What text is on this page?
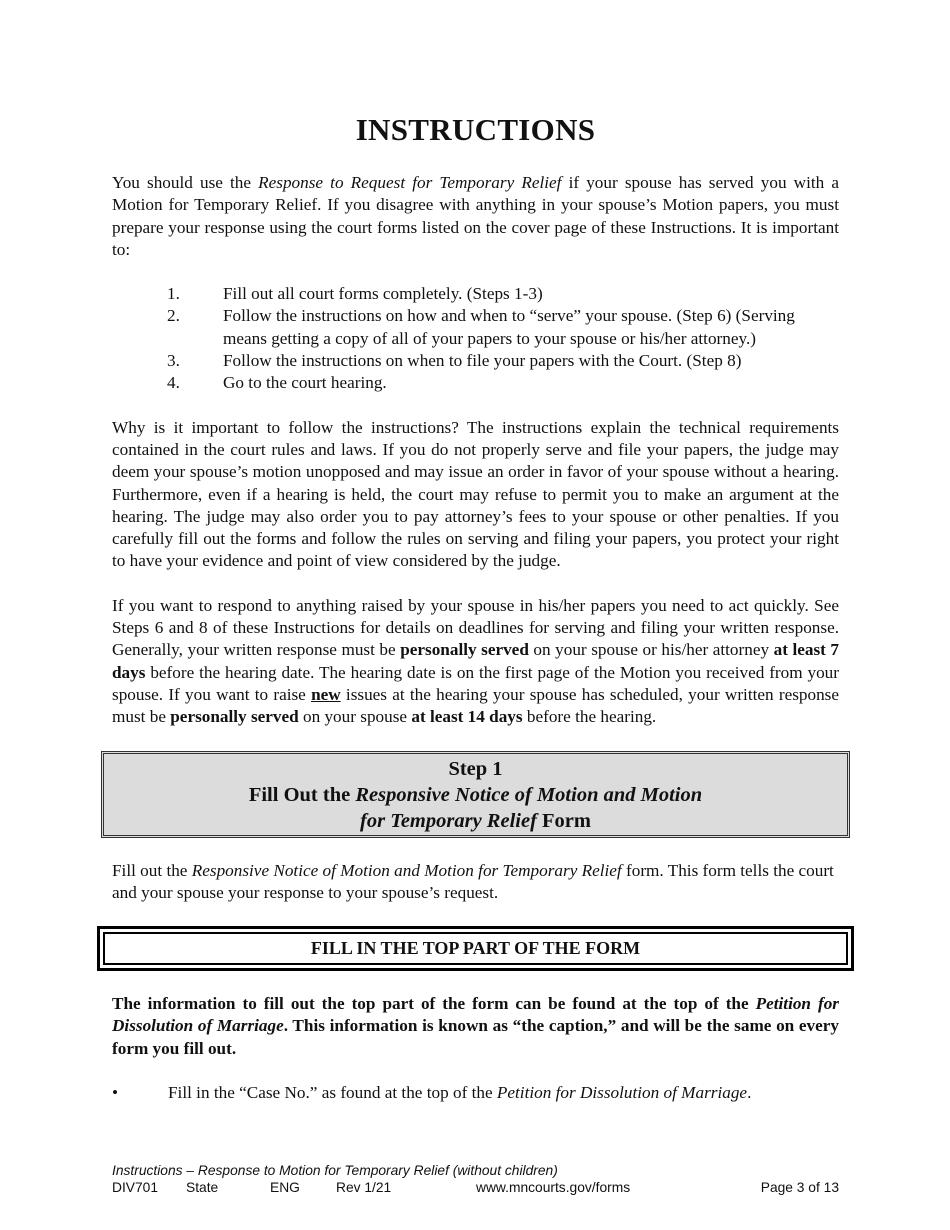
INSTRUCTIONS

You should use the Response to Request for Temporary Relief if your spouse has served you with a Motion for Temporary Relief. If you disagree with anything in your spouse’s Motion papers, you must prepare your response using the court forms listed on the cover page of these Instructions. It is important to:

1.	Fill out all court forms completely. (Steps 1-3)
2.	Follow the instructions on how and when to “serve” your spouse. (Step 6) (Serving means getting a copy of all of your papers to your spouse or his/her attorney.)
3.	Follow the instructions on when to file your papers with the Court. (Step 8)
4.	Go to the court hearing.

Why is it important to follow the instructions? The instructions explain the technical requirements contained in the court rules and laws. If you do not properly serve and file your papers, the judge may deem your spouse’s motion unopposed and may issue an order in favor of your spouse without a hearing. Furthermore, even if a hearing is held, the court may refuse to permit you to make an argument at the hearing. The judge may also order you to pay attorney’s fees to your spouse or other penalties. If you carefully fill out the forms and follow the rules on serving and filing your papers, you protect your right to have your evidence and point of view considered by the judge.

If you want to respond to anything raised by your spouse in his/her papers you need to act quickly. See Steps 6 and 8 of these Instructions for details on deadlines for serving and filing your written response. Generally, your written response must be personally served on your spouse or his/her attorney at least 7 days before the hearing date. The hearing date is on the first page of the Motion you received from your spouse. If you want to raise new issues at the hearing your spouse has scheduled, your written response must be personally served on your spouse at least 14 days before the hearing.

Step 1
Fill Out the Responsive Notice of Motion and Motion
for Temporary Relief Form

Fill out the Responsive Notice of Motion and Motion for Temporary Relief form. This form tells the court and your spouse your response to your spouse’s request.

FILL IN THE TOP PART OF THE FORM

The information to fill out the top part of the form can be found at the top of the Petition for Dissolution of Marriage. This information is known as “the caption,” and will be the same on every form you fill out.

•	Fill in the “Case No.” as found at the top of the Petition for Dissolution of Marriage.
Instructions – Response to Motion for Temporary Relief (without children)
DIV701 State	ENG	Rev 1/21	www.mncourts.gov/forms	Page 3 of 13
